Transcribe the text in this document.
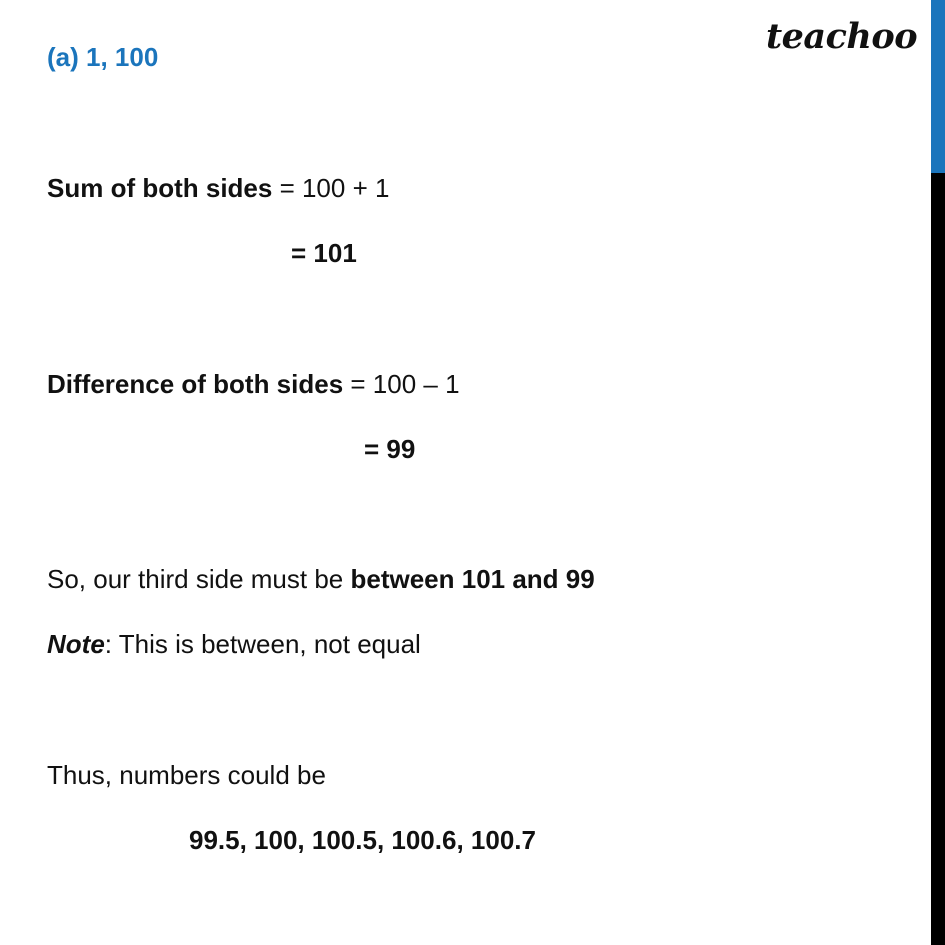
teachoo
(a) 1, 100
Sum of both sides = 100 + 1
= 101
Difference of both sides = 100 – 1
= 99
So, our third side must be between 101 and 99
Note: This is between, not equal
Thus, numbers could be
99.5, 100, 100.5, 100.6, 100.7
